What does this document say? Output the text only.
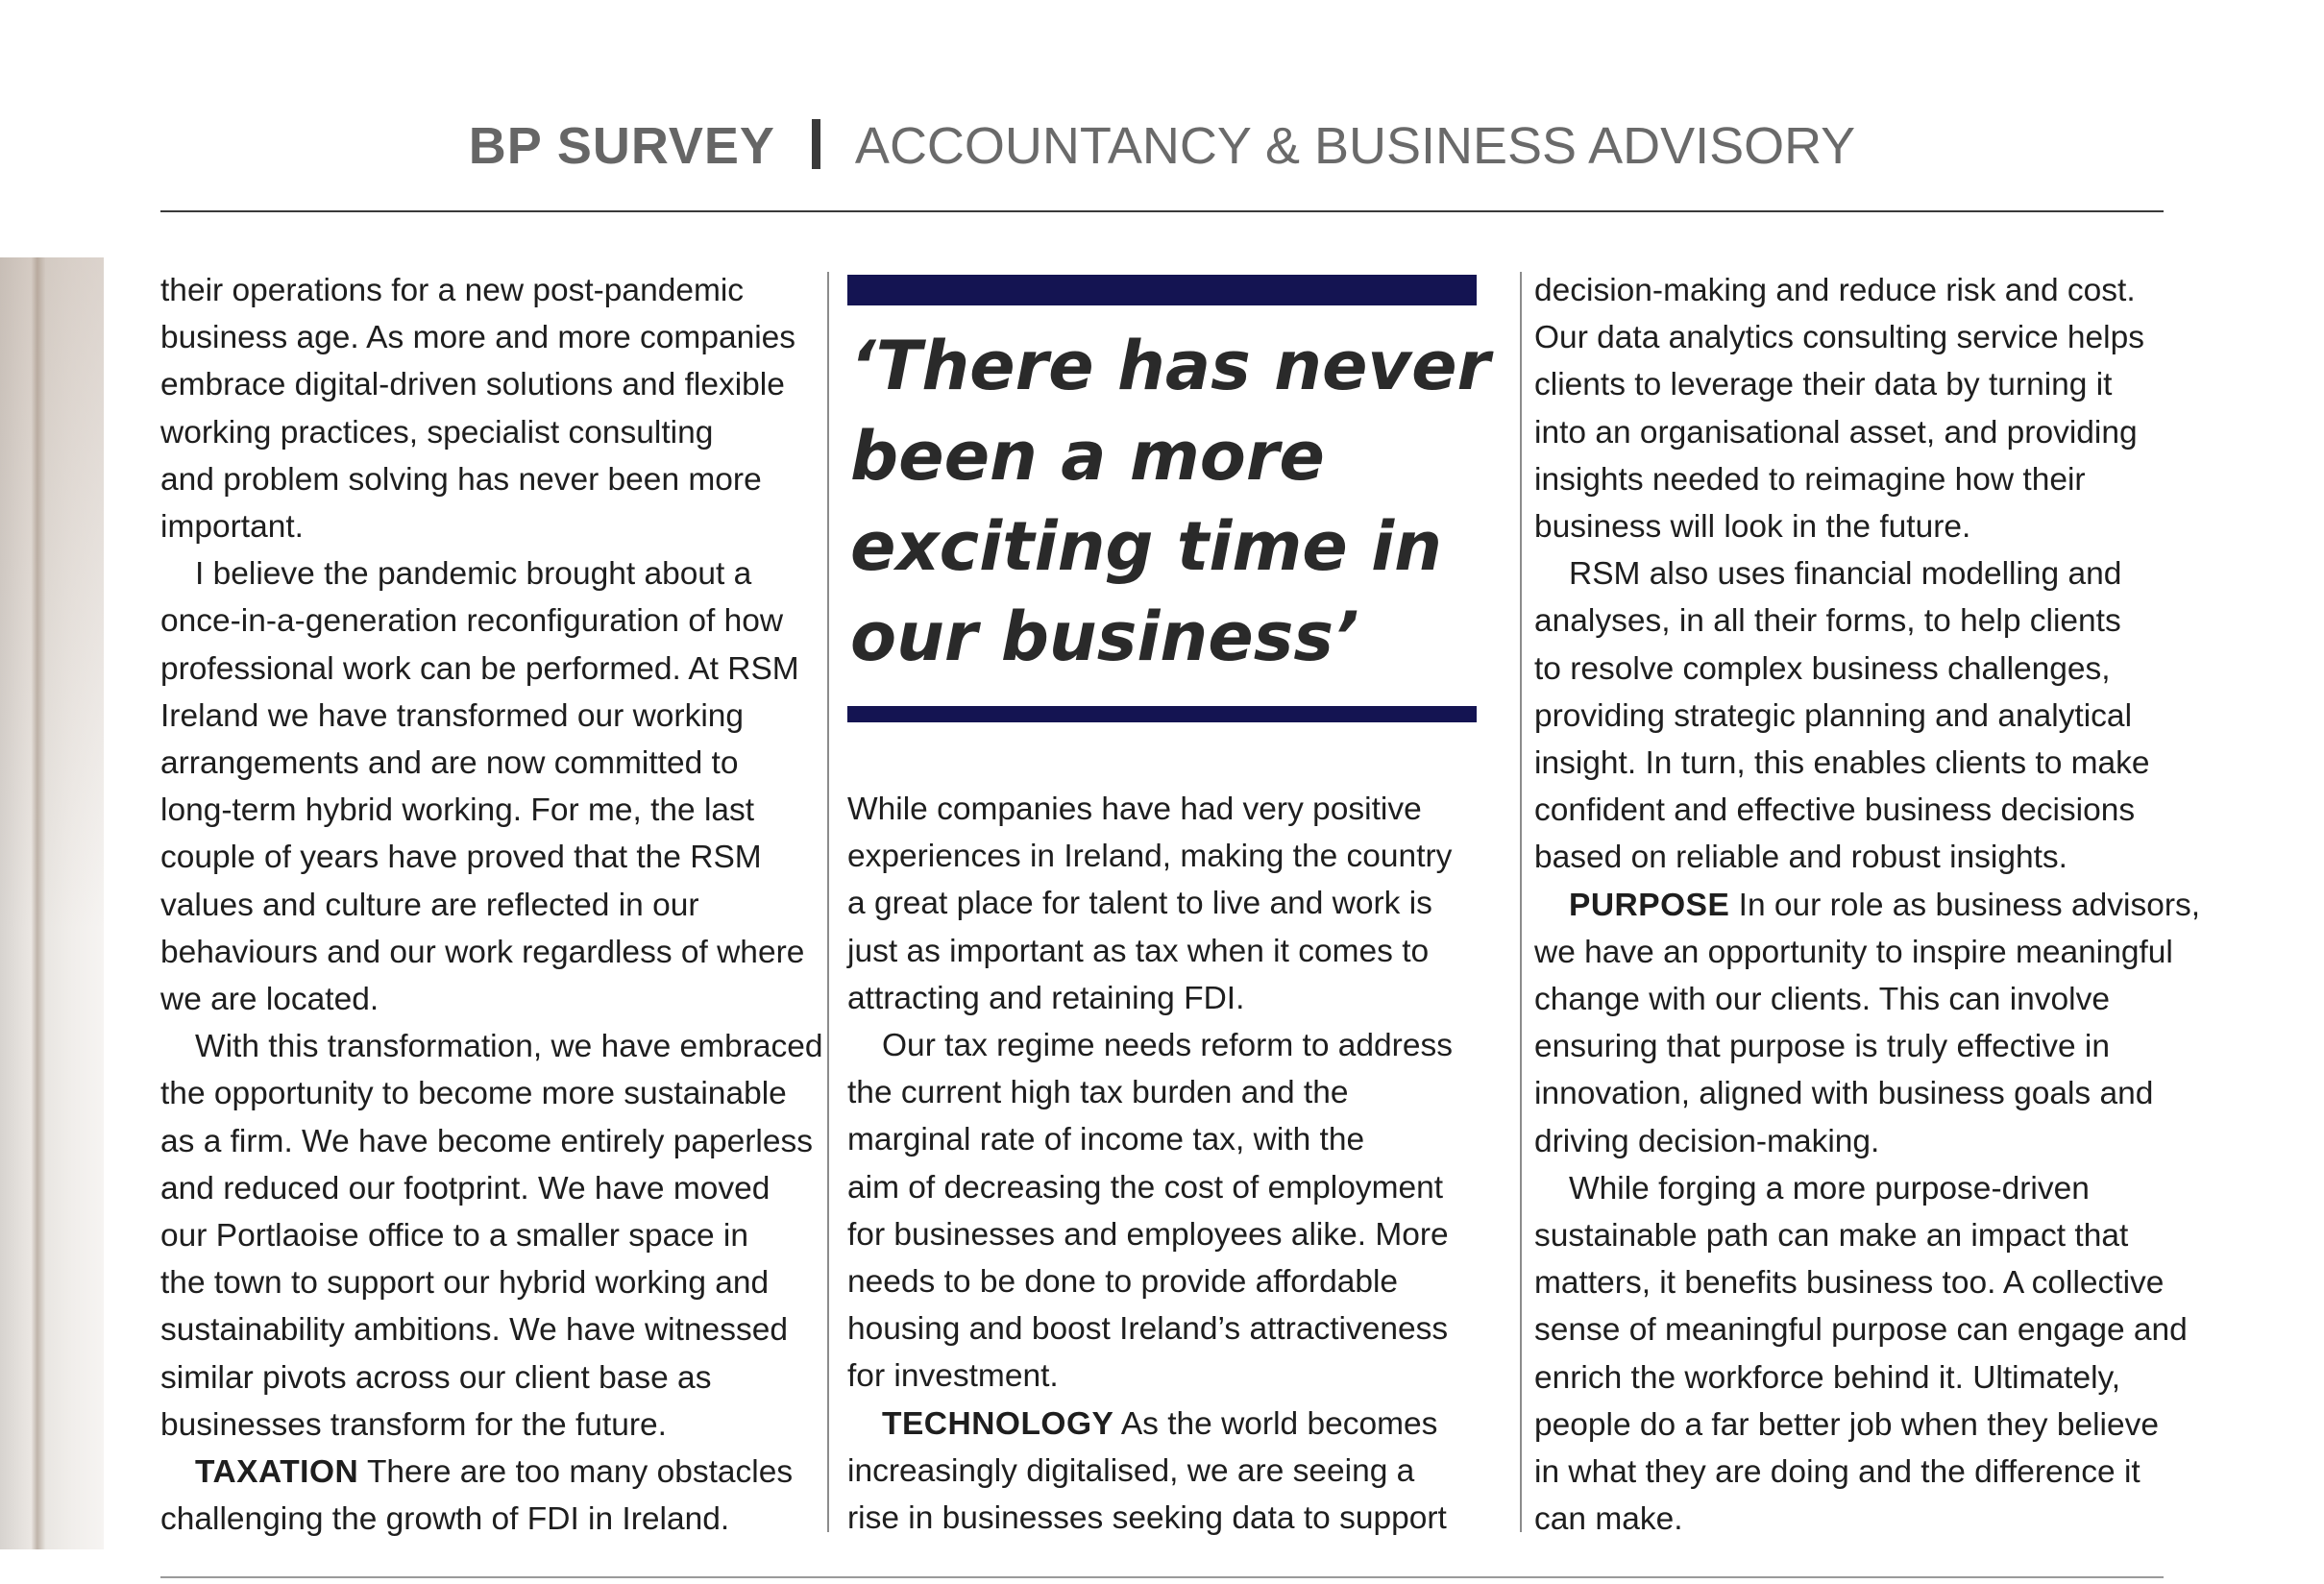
BP SURVEY ACCOUNTANCY & BUSINESS ADVISORY
their operations for a new post-pandemic
business age. As more and more companies
embrace digital-driven solutions and flexible
working practices, specialist consulting
and problem solving has never been more
important.
I believe the pandemic brought about a
once-in-a-generation reconfiguration of how
professional work can be performed. At RSM
Ireland we have transformed our working
arrangements and are now committed to
long-term hybrid working. For me, the last
couple of years have proved that the RSM
values and culture are reflected in our
behaviours and our work regardless of where
we are located.
With this transformation, we have embraced
the opportunity to become more sustainable
as a firm. We have become entirely paperless
and reduced our footprint. We have moved
our Portlaoise office to a smaller space in
the town to support our hybrid working and
sustainability ambitions. We have witnessed
similar pivots across our client base as
businesses transform for the future.
TAXATION There are too many obstacles
challenging the growth of FDI in Ireland.
‘There has never
been a more
exciting time in
our business’
While companies have had very positive
experiences in Ireland, making the country
a great place for talent to live and work is
just as important as tax when it comes to
attracting and retaining FDI.
Our tax regime needs reform to address
the current high tax burden and the
marginal rate of income tax, with the
aim of decreasing the cost of employment
for businesses and employees alike. More
needs to be done to provide affordable
housing and boost Ireland’s attractiveness
for investment.
TECHNOLOGY As the world becomes
increasingly digitalised, we are seeing a
rise in businesses seeking data to support
decision-making and reduce risk and cost.
Our data analytics consulting service helps
clients to leverage their data by turning it
into an organisational asset, and providing
insights needed to reimagine how their
business will look in the future.
RSM also uses financial modelling and
analyses, in all their forms, to help clients
to resolve complex business challenges,
providing strategic planning and analytical
insight. In turn, this enables clients to make
confident and effective business decisions
based on reliable and robust insights.
PURPOSE In our role as business advisors,
we have an opportunity to inspire meaningful
change with our clients. This can involve
ensuring that purpose is truly effective in
innovation, aligned with business goals and
driving decision-making.
While forging a more purpose-driven
sustainable path can make an impact that
matters, it benefits business too. A collective
sense of meaningful purpose can engage and
enrich the workforce behind it. Ultimately,
people do a far better job when they believe
in what they are doing and the difference it
can make.
